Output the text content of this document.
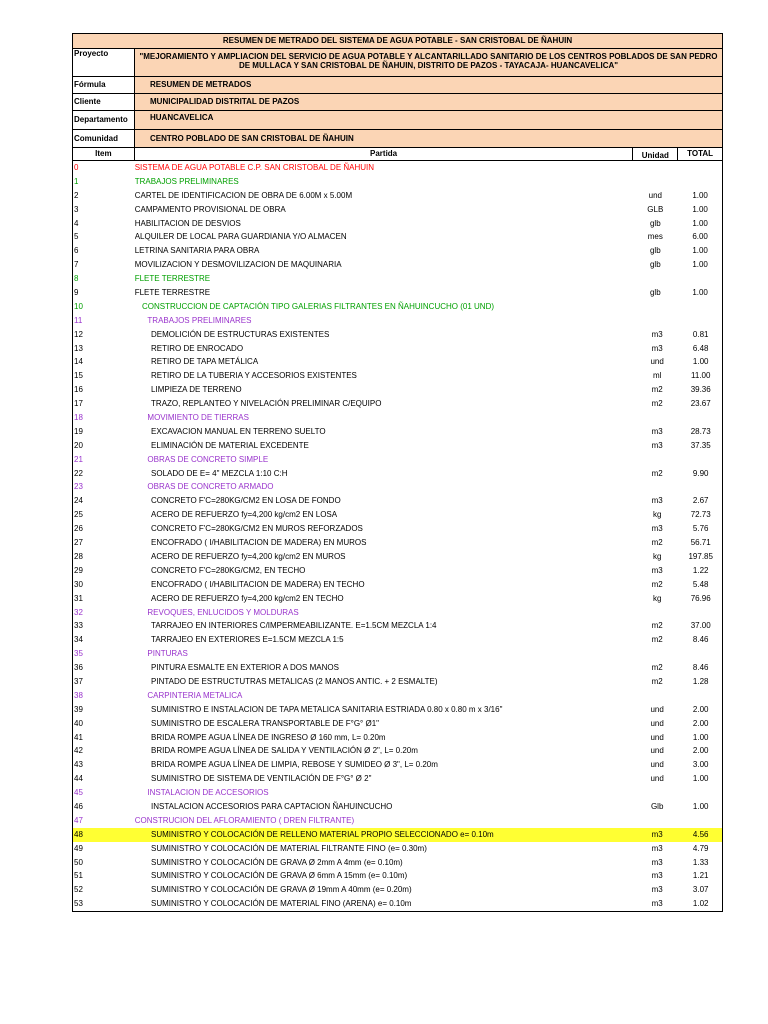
RESUMEN DE METRADO DEL SISTEMA DE AGUA POTABLE - SAN CRISTOBAL DE ÑAHUIN
Proyecto	"MEJORAMIENTO Y AMPLIACION DEL SERVICIO DE AGUA POTABLE Y ALCANTARILLADO SANITARIO DE LOS CENTROS POBLADOS DE SAN PEDRO DE MULLACA Y SAN CRISTOBAL DE ÑAHUIN, DISTRITO DE PAZOS - TAYACAJA- HUANCAVELICA"
Fórmula	RESUMEN DE METRADOS
Cliente	MUNICIPALIDAD DISTRITAL DE PAZOS
Departamento	HUANCAVELICA
Comunidad	CENTRO POBLADO DE SAN CRISTOBAL DE ÑAHUIN
Item	Partida	Unidad	TOTAL
0	SISTEMA DE AGUA POTABLE C.P. SAN CRISTOBAL DE ÑAHUIN
1	TRABAJOS PRELIMINARES
2	CARTEL DE IDENTIFICACION DE OBRA DE 6.00M x 5.00M	und	1.00
3	CAMPAMENTO PROVISIONAL DE OBRA	GLB	1.00
4	HABILITACION DE DESVIOS	glb	1.00
5	ALQUILER DE LOCAL PARA GUARDIANIA Y/O ALMACEN	mes	6.00
6	LETRINA SANITARIA PARA OBRA	glb	1.00
7	MOVILIZACION Y DESMOVILIZACION DE MAQUINARIA	glb	1.00
8	FLETE TERRESTRE
9	FLETE TERRESTRE	glb	1.00
10	CONSTRUCCION DE CAPTACIÓN TIPO GALERIAS FILTRANTES EN ÑAHUINCUCHO (01 UND)
11	TRABAJOS PRELIMINARES
12	DEMOLICIÓN DE ESTRUCTURAS EXISTENTES	m3	0.81
13	RETIRO DE ENROCADO	m3	6.48
14	RETIRO DE TAPA METÁLICA	und	1.00
15	RETIRO DE LA TUBERIA Y ACCESORIOS EXISTENTES	ml	11.00
16	LIMPIEZA DE TERRENO	m2	39.36
17	TRAZO, REPLANTEO Y NIVELACIÓN PRELIMINAR C/EQUIPO	m2	23.67
18	MOVIMIENTO DE TIERRAS
19	EXCAVACION MANUAL EN TERRENO SUELTO	m3	28.73
20	ELIMINACIÓN DE MATERIAL EXCEDENTE	m3	37.35
21	OBRAS DE CONCRETO SIMPLE
22	SOLADO DE E= 4" MEZCLA 1:10 C:H	m2	9.90
23	OBRAS DE CONCRETO ARMADO
24	CONCRETO F'C=280KG/CM2 EN LOSA DE FONDO	m3	2.67
25	ACERO DE REFUERZO fy=4,200 kg/cm2 EN LOSA	kg	72.73
26	CONCRETO F'C=280KG/CM2 EN MUROS REFORZADOS	m3	5.76
27	ENCOFRADO ( I/HABILITACION DE MADERA) EN MUROS	m2	56.71
28	ACERO DE REFUERZO fy=4,200 kg/cm2 EN MUROS	kg	197.85
29	CONCRETO F'C=280KG/CM2, EN TECHO	m3	1.22
30	ENCOFRADO ( I/HABILITACION DE MADERA) EN TECHO	m2	5.48
31	ACERO DE REFUERZO fy=4,200 kg/cm2 EN TECHO	kg	76.96
32	REVOQUES, ENLUCIDOS Y MOLDURAS
33	TARRAJEO EN INTERIORES C/IMPERMEABILIZANTE. E=1.5CM MEZCLA 1:4	m2	37.00
34	TARRAJEO EN EXTERIORES E=1.5CM MEZCLA 1:5	m2	8.46
35	PINTURAS
36	PINTURA ESMALTE EN EXTERIOR A DOS MANOS	m2	8.46
37	PINTADO DE ESTRUCTUTRAS METALICAS (2 MANOS ANTIC. + 2 ESMALTE)	m2	1.28
38	CARPINTERIA METALICA
39	SUMINISTRO E INSTALACION DE TAPA METALICA SANITARIA ESTRIADA 0.80 x 0.80 m x 3/16"	und	2.00
40	SUMINISTRO DE ESCALERA TRANSPORTABLE DE F°G° Ø1"	und	2.00
41	BRIDA ROMPE AGUA LÍNEA DE INGRESO Ø 160 mm, L= 0.20m	und	1.00
42	BRIDA ROMPE AGUA LÍNEA DE SALIDA Y VENTILACIÓN Ø 2", L= 0.20m	und	2.00
43	BRIDA ROMPE AGUA LÍNEA DE LIMPIA, REBOSE Y SUMIDEO Ø 3", L= 0.20m	und	3.00
44	SUMINISTRO DE SISTEMA DE VENTILACIÓN DE F°G° Ø 2"	und	1.00
45	INSTALACION DE ACCESORIOS
46	INSTALACION ACCESORIOS PARA CAPTACION ÑAHUINCUCHO	Glb	1.00
47	CONSTRUCION DEL AFLORAMIENTO ( DREN FILTRANTE)
48	SUMINISTRO Y COLOCACIÓN DE RELLENO MATERIAL PROPIO SELECCIONADO e= 0.10m	m3	4.56
49	SUMINISTRO Y COLOCACIÓN DE MATERIAL FILTRANTE FINO (e= 0.30m)	m3	4.79
50	SUMINISTRO Y COLOCACIÓN DE GRAVA Ø 2mm A 4mm (e= 0.10m)	m3	1.33
51	SUMINISTRO Y COLOCACIÓN DE GRAVA Ø 6mm A 15mm (e= 0.10m)	m3	1.21
52	SUMINISTRO Y COLOCACIÓN DE GRAVA Ø 19mm A 40mm (e= 0.20m)	m3	3.07
53	SUMINISTRO Y COLOCACIÓN DE MATERIAL FINO (ARENA) e= 0.10m	m3	1.02
